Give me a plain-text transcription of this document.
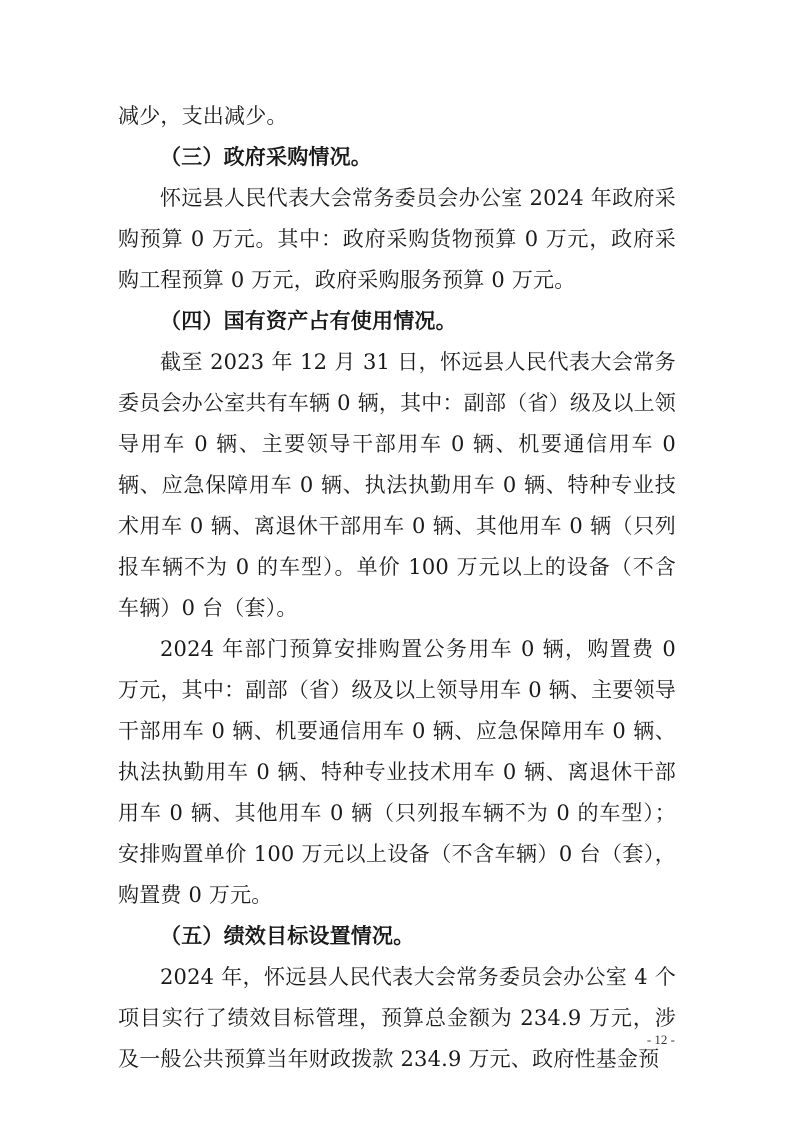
减少，支出减少。

（三）政府采购情况。

怀远县人民代表大会常务委员会办公室 2024 年政府采购预算 0 万元。其中：政府采购货物预算 0 万元，政府采购工程预算 0 万元，政府采购服务预算 0 万元。

（四）国有资产占有使用情况。

截至 2023 年 12 月 31 日，怀远县人民代表大会常务委员会办公室共有车辆 0 辆，其中：副部（省）级及以上领导用车 0 辆、主要领导干部用车 0 辆、机要通信用车 0 辆、应急保障用车 0 辆、执法执勤用车 0 辆、特种专业技术用车 0 辆、离退休干部用车 0 辆、其他用车 0 辆（只列报车辆不为 0 的车型）。单价 100 万元以上的设备（不含车辆）0 台（套）。

2024 年部门预算安排购置公务用车 0 辆，购置费 0 万元，其中：副部（省）级及以上领导用车 0 辆、主要领导干部用车 0 辆、机要通信用车 0 辆、应急保障用车 0 辆、执法执勤用车 0 辆、特种专业技术用车 0 辆、离退休干部用车 0 辆、其他用车 0 辆（只列报车辆不为 0 的车型）；安排购置单价 100 万元以上设备（不含车辆）0 台（套），购置费 0 万元。

（五）绩效目标设置情况。

2024 年，怀远县人民代表大会常务委员会办公室 4 个项目实行了绩效目标管理，预算总金额为 234.9 万元，涉及一般公共预算当年财政拨款 234.9 万元、政府性基金预

- 12 -
